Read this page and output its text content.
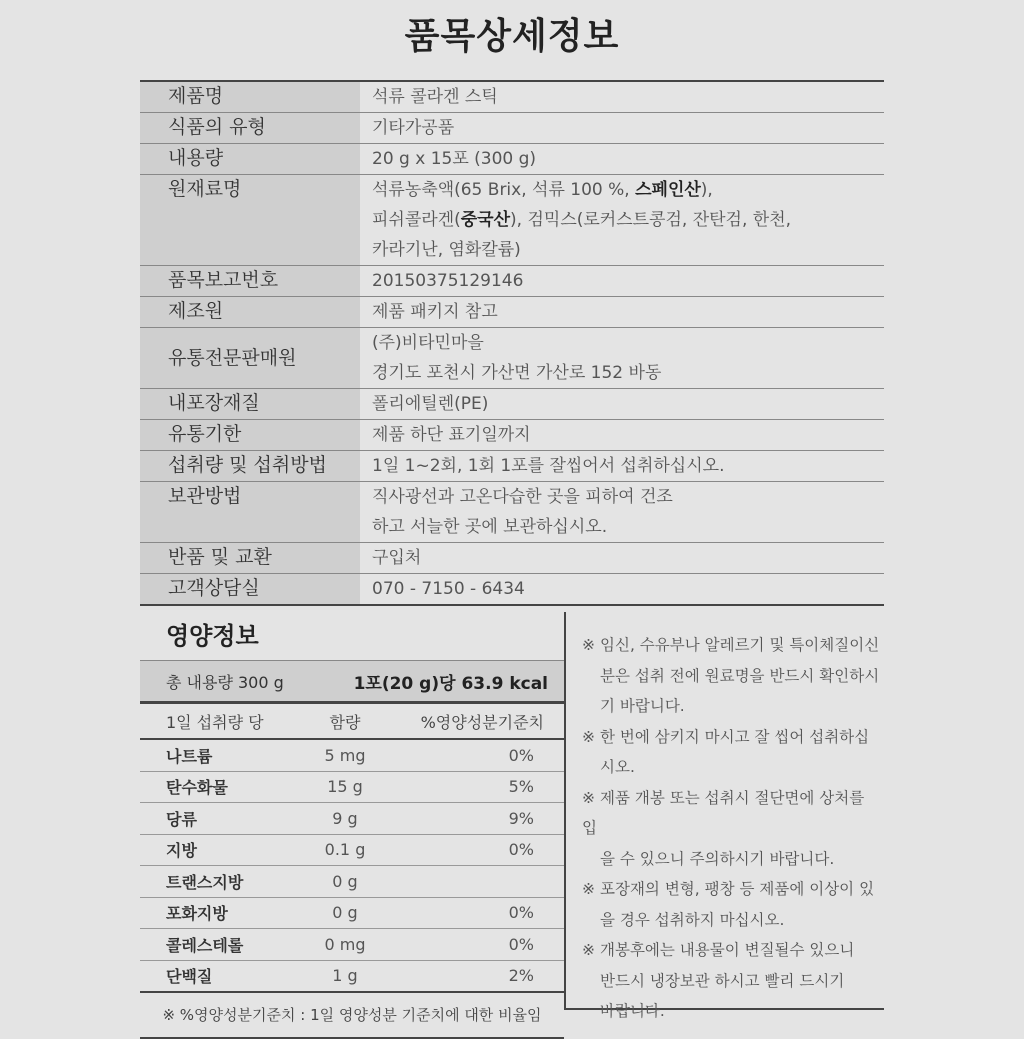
품목상세정보
제품명	석류 콜라겐 스틱
식품의 유형	기타가공품
내용량	20 g x 15포 (300 g)
원재료명	석류농축액(65 Brix, 석류 100 %, 스페인산),
피쉬콜라겐(중국산), 검믹스(로커스트콩검, 잔탄검, 한천,
카라기난, 염화칼륨)
품목보고번호	20150375129146
제조원	제품 패키지 참고
유통전문판매원
(주)비타민마을
경기도 포천시 가산면 가산로 152 바동
내포장재질	폴리에틸렌(PE)
유통기한	제품 하단 표기일까지
섭취량 및 섭취방법	1일 1~2회, 1회 1포를 잘씹어서 섭취하십시오.
보관방법	직사광선과 고온다습한 곳을 피하여 건조
하고 서늘한 곳에 보관하십시오.
반품 및 교환	구입처
고객상담실	070 - 7150 - 6434
영양정보
총 내용량 300 g	1포(20 g)당 63.9 kcal
1일 섭취량 당	함량	%영양성분기준치
나트륨	5 mg	0%
탄수화물	15 g	5%
당류	9 g	9%
지방	0.1 g	0%
트랜스지방	0 g
포화지방	0 g	0%
콜레스테롤	0 mg	0%
단백질	1 g	2%
※ %영양성분기준치 : 1일 영양성분 기준치에 대한 비율임
※ 임신, 수유부나 알레르기 및 특이체질이신
분은 섭취 전에 원료명을 반드시 확인하시
기 바랍니다.
※ 한 번에 삼키지 마시고 잘 씹어 섭취하십
시오.
※ 제품 개봉 또는 섭취시 절단면에 상처를 입
을 수 있으니 주의하시기 바랍니다.
※ 포장재의 변형, 팽창 등 제품에 이상이 있
을 경우 섭취하지 마십시오.
※ 개봉후에는 내용물이 변질될수 있으니
반드시 냉장보관 하시고 빨리 드시기
바랍니다.
